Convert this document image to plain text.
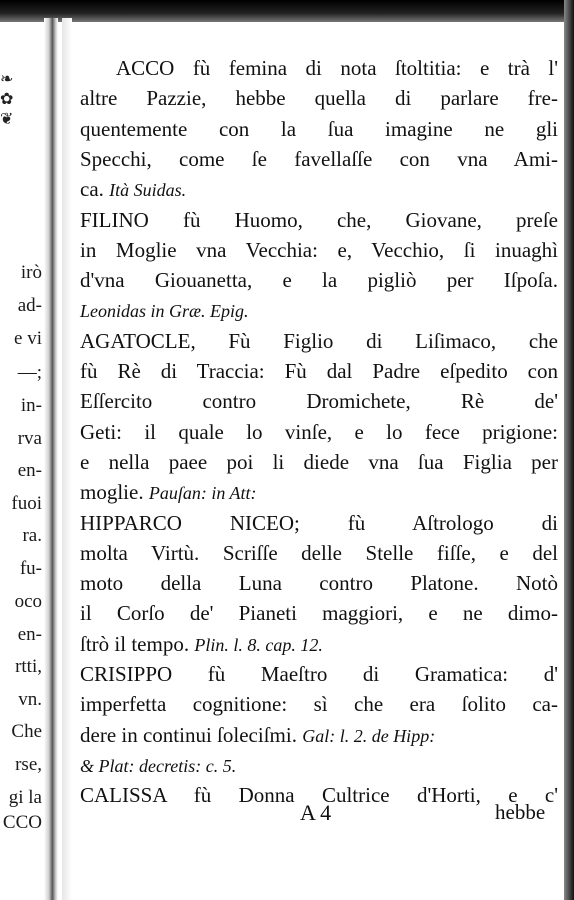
❧
✿
❦
irò
ad-
e vi
—;
in-
rva
en-
fuoi
ra.
fu-
oco
en-
rtti,
vn.
Che
rse,
gi la
CCO
ACCO fù femina di nota ſtoltitia: e trà l'
altre Pazzie, hebbe quella di parlare fre-
quentemente con la ſua imagine ne gli
Specchi, come ſe favellaſſe con vna Ami-
ca. Ità Suidas.
FILINO fù Huomo, che, Giovane, preſe
in Moglie vna Vecchia: e, Vecchio, ſi inuaghì
d'vna Giouanetta, e la pigliò per Iſpoſa.
Leonidas in Græ. Epig.
AGATOCLE, Fù Figlio di Liſimaco, che
fù Rè di Traccia: Fù dal Padre eſpedito con
Eſſercito contro Dromichete, Rè de'
Geti: il quale lo vinſe, e lo fece prigione:
e nella paee poi li diede vna ſua Figlia per
moglie. Pauſan: in Att:
HIPPARCO NICEO; fù Aſtrologo di
molta Virtù. Scriſſe delle Stelle fiſſe, e del
moto della Luna contro Platone. Notò
il Corſo de' Pianeti maggiori, e ne dimo-
ſtrò il tempo. Plin. l. 8. cap. 12.
CRISIPPO fù Maeſtro di Gramatica: d'
imperfetta cognitione: sì che era ſolito ca-
dere in continui ſoleciſmi. Gal: l. 2. de Hipp:
& Plat: decretis: c. 5.
CALISSA fù Donna Cultrice d'Horti, e c'
A 4	hebbe
